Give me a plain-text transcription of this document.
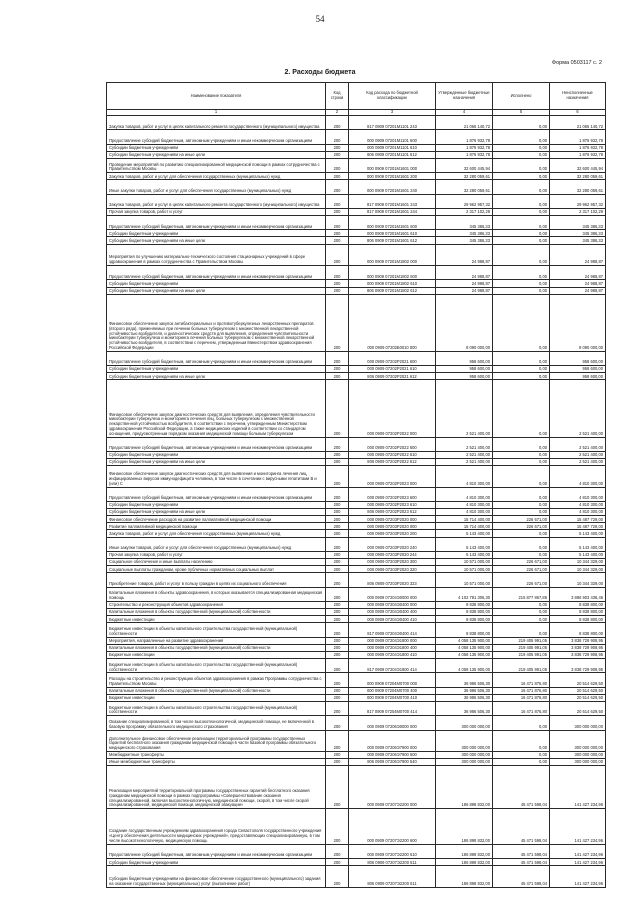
54
Форма 0503117 с. 2
2. Расходы бюджета
Наименование показателя	Код строки	Код расхода по бюджетной классификации	Утвержденные бюджетные назначения	Исполнено	Неисполненные назначения
1	2	3	4	5	6
Закупка товаров, работ и услуг в целях капитального ремонта государственного (муниципального) имущества	200	817 0909 07201М1101 243	21 066 140,72	0,00	21 066 140,72
Предоставление субсидий бюджетным, автономным учреждениям и иным некоммерческим организациям	200	000 0909 07201М1101 600	1 876 932,78	0,00	1 876 932,78
Субсидии бюджетным учреждениям	200	000 0909 07201М1101 610	1 876 932,78	0,00	1 876 932,78
Субсидии бюджетным учреждениям на иные цели	200	806 0909 07201М1101 612	1 876 932,78	0,00	1 876 932,78
Проведение мероприятий по развитию специализированной медицинской помощи в рамках сотрудничества с Правительством Москвы	200	000 0909 07201М1601 000	32 600 445,94	0,00	32 600 445,94
Закупка товаров, работ и услуг для обеспечения государственных (муниципальных) нужд	200	000 0909 07201М1601 200	32 280 059,61	0,00	32 280 059,61
Иные закупки товаров, работ и услуг для обеспечения государственных (муниципальных) нужд	200	000 0909 07201М1601 240	32 280 059,61	0,00	32 280 059,61
Закупка товаров, работ и услуг в целях капитального ремонта государственного (муниципального) имущества	200	817 0909 07201М1601 243	29 962 957,32	0,00	29 962 957,32
Прочая закупка товаров, работ и услуг	200	817 0909 07201М1601 244	2 317 102,29	0,00	2 317 102,29
Предоставление субсидий бюджетным, автономным учреждениям и иным некоммерческим организациям	200	000 0909 07201М1601 600	345 386,33	0,00	345 386,33
Субсидии бюджетным учреждениям	200	000 0909 07201М1601 610	345 386,33	0,00	345 386,33
Субсидии бюджетным учреждениям на иные цели	200	806 0909 07201М1601 612	345 386,33	0,00	345 386,33
Мероприятия по улучшению материально-технического состояния стационарных учреждений в сфере здравоохранения в рамках сотрудничества с Правительством Москвы	200	000 0909 07201М1802 000	24 988,87	0,00	24 988,87
Предоставление субсидий бюджетным, автономным учреждениям и иным некоммерческим организациям	200	000 0909 07201М1802 600	24 988,87	0,00	24 988,87
Субсидии бюджетным учреждениям	200	000 0909 07201М1802 610	24 988,87	0,00	24 988,87
Субсидии бюджетным учреждениям на иные цели	200	806 0909 07201М1802 612	24 988,87	0,00	24 988,87
Финансовое обеспечение закупок антибактериальных и противотуберкулезных лекарственных препаратов (второго ряда), применяемых при лечении больных туберкулезом с множественной лекарственной устойчивостью возбудителя, и диагностических средств для выявления, определения чувствительности микобактерии туберкулеза и мониторинга лечения больных туберкулезом с множественной лекарственной устойчивостью возбудителя, в соответствии с перечнем, утвержденным Министерством здравоохранения Российской Федерации	200	000 0909 07202Б0010 000	8 090 000,00	0,00	8 090 000,00
Предоставление субсидий бюджетным, автономным учреждениям и иным некоммерческим организациям	200	000 0909 07202Р2021 600	958 600,00	0,00	958 600,00
Субсидии бюджетным учреждениям	200	000 0909 07202Р2021 610	958 600,00	0,00	958 600,00
Субсидии бюджетным учреждениям на иные цели	200	806 0909 07202Р2021 612	958 600,00	0,00	958 600,00
Финансовое обеспечение закупок диагностических средств для выявления, определения чувствительности микобактерии туберкулеза и мониторинга лечения лиц, больных туберкулезом с множественной лекарственной устойчивостью возбудителя, в соответствии с перечнем, утвержденным Министерством здравоохранения Российской Федерации, а также медицинских изделий в соответствии со стандартом оснащения, предусмотренным порядком оказания медицинской помощи больным туберкулезом	200	000 0909 07202Р2022 000	2 521 400,00	0,00	2 521 400,00
Предоставление субсидий бюджетным, автономным учреждениям и иным некоммерческим организациям	200	000 0909 07202Р2022 600	2 521 400,00	0,00	2 521 400,00
Субсидии бюджетным учреждениям	200	000 0909 07202Р2022 610	2 521 400,00	0,00	2 521 400,00
Субсидии бюджетным учреждениям на иные цели	200	806 0909 07202Р2022 612	2 521 400,00	0,00	2 521 400,00
Финансовое обеспечение закупок диагностических средств для выявления и мониторинга лечения лиц, инфицированных вирусом иммунодефицита человека, в том числе в сочетании с вирусными гепатитами В и (или) С	200	000 0909 07202Р2023 000	4 810 300,00	0,00	4 810 300,00
Предоставление субсидий бюджетным, автономным учреждениям и иным некоммерческим организациям	200	000 0909 07202Р2023 600	4 810 300,00	0,00	4 810 300,00
Субсидии бюджетным учреждениям	200	000 0909 07202Р2023 610	4 810 300,00	0,00	4 810 300,00
Субсидии бюджетным учреждениям на иные цели	200	806 0909 07202Р2023 612	4 810 300,00	0,00	4 810 300,00
Финансовое обеспечение расходов на развитие паллиативной медицинской помощи	200	000 0909 07203Р2020 000	15 714 400,00	226 671,00	15 487 729,00
Развитие паллиативной медицинской помощи	200	000 0909 07203Р2020 000	15 714 400,00	226 671,00	15 487 729,00
Закупка товаров, работ и услуг для обеспечения государственных (муниципальных) нужд	200	000 0909 07203Р2020 200	5 143 400,00	0,00	5 143 400,00
Иные закупки товаров, работ и услуг для обеспечения государственных (муниципальных) нужд	200	000 0909 07203Р2020 240	5 143 400,00	0,00	5 143 400,00
Прочая закупка товаров, работ и услуг	200	000 0909 07203Р2020 244	5 143 400,00	0,00	5 143 400,00
Социальное обеспечение и иные выплаты населению	200	000 0909 07203Р2020 300	10 571 000,00	226 671,00	10 344 329,00
Социальные выплаты гражданам, кроме публичных нормативных социальных выплат	200	000 0909 07203Р2020 320	10 571 000,00	226 671,00	10 344 329,00
Приобретение товаров, работ и услуг в пользу граждан в целях их социального обеспечения	200	806 0909 07203Р2020 323	10 571 000,00	226 671,00	10 344 329,00
Капитальные вложения в объекты здравоохранения, в которых оказывается специализированная медицинская помощь	200	000 0909 07204Э0000 000	4 102 781 306,30	215 877 867,85	3 886 903 438,45
Строительство и реконструкция объектов здравоохранения	200	000 0909 07204Э0400 000	8 838 800,00	0,00	8 838 800,00
Капитальные вложения в объекты государственной (муниципальной) собственности	200	000 0909 07204Э0400 400	8 838 800,00	0,00	8 838 800,00
Бюджетные инвестиции	200	000 0909 07204Э0400 410	8 838 800,00	0,00	8 838 800,00
Бюджетные инвестиции в объекты капитального строительства государственной (муниципальной) собственности	200	817 0909 07204Э0400 414	8 838 800,00	0,00	8 838 800,00
Мероприятия, направленные на развитие здравоохранения	200	000 0909 07204Э1800 000	4 058 135 900,00	219 405 991,05	3 838 729 908,95
Капитальные вложения в объекты государственной (муниципальной) собственности	200	000 0909 07204Э1800 400	4 058 135 900,00	219 405 991,05	3 838 729 908,95
Бюджетные инвестиции	200	000 0909 07204Э1800 410	4 058 135 900,00	219 405 991,05	3 838 729 908,95
Бюджетные инвестиции в объекты капитального строительства государственной (муниципальной) собственности	200	817 0909 07204Э1800 414	4 058 135 900,00	219 405 991,05	3 838 729 908,95
Расходы на строительство и реконструкцию объектов здравоохранения в рамках Программы сотрудничества с Правительством Москвы	200	000 0909 07204М0700 000	36 986 506,30	16 471 876,80	20 514 629,50
Капитальные вложения в объекты государственной (муниципальной) собственности	200	000 0909 07204М0700 400	36 986 506,30	16 471 876,80	20 514 629,50
Бюджетные инвестиции	200	000 0909 07204М0700 410	36 986 506,30	16 471 876,80	20 514 629,50
Бюджетные инвестиции в объекты капитального строительства государственной (муниципальной) собственности	200	817 0909 07204М0700 414	36 986 506,30	16 471 876,80	20 514 629,50
Оказание специализированной, в том числе высокотехнологичной, медицинской помощи, не включенной в базовую программу обязательного медицинского страхования	200	000 0909 07206Э0000 000	300 000 000,00	0,00	300 000 000,00
Дополнительное финансовое обеспечение реализации территориальной программы государственных гарантий бесплатного оказания гражданам медицинской помощи в части базовой программы обязательного медицинского страхования	200	000 0909 07206Э7900 000	300 000 000,00	0,00	300 000 000,00
Межбюджетные трансферты	200	000 0909 07206Э7900 500	300 000 000,00	0,00	300 000 000,00
Иные межбюджетные трансферты	200	806 0909 07206Э7900 540	300 000 000,00	0,00	300 000 000,00
Реализация мероприятий территориальной программы государственных гарантий бесплатного оказания гражданам медицинской помощи в рамках подпрограммы «Совершенствование оказания специализированной, включая высокотехнологичную, медицинской помощи, скорой, в том числе скорой специализированной, медицинской помощи, медицинской эвакуации»	200	000 0909 07207Э2200 000	186 898 832,00	45 471 598,04	141 427 234,96
Создание государственным учреждениям здравоохранения города Севастополя государственного учреждения «Центр обеспечения деятельности медицинских учреждений», предоставляющих специализированную, в том числе высокотехнологичную, медицинскую помощь	200	000 0909 07207Э2200 600	186 898 832,00	45 471 598,04	141 427 234,96
Предоставление субсидий бюджетным, автономным учреждениям и иным некоммерческим организациям	200	000 0909 07207Э2200 610	186 898 832,00	45 471 598,04	141 427 234,96
Субсидии бюджетным учреждениям	200	806 0909 07207Э2200 611	186 898 832,00	45 471 598,04	141 427 234,96
Субсидии бюджетным учреждениям на финансовое обеспечение государственного (муниципального) задания на оказание государственных (муниципальных) услуг (выполнение работ)	200	806 0909 07207Э2200 611	186 898 832,00	45 471 598,04	141 427 234,96
